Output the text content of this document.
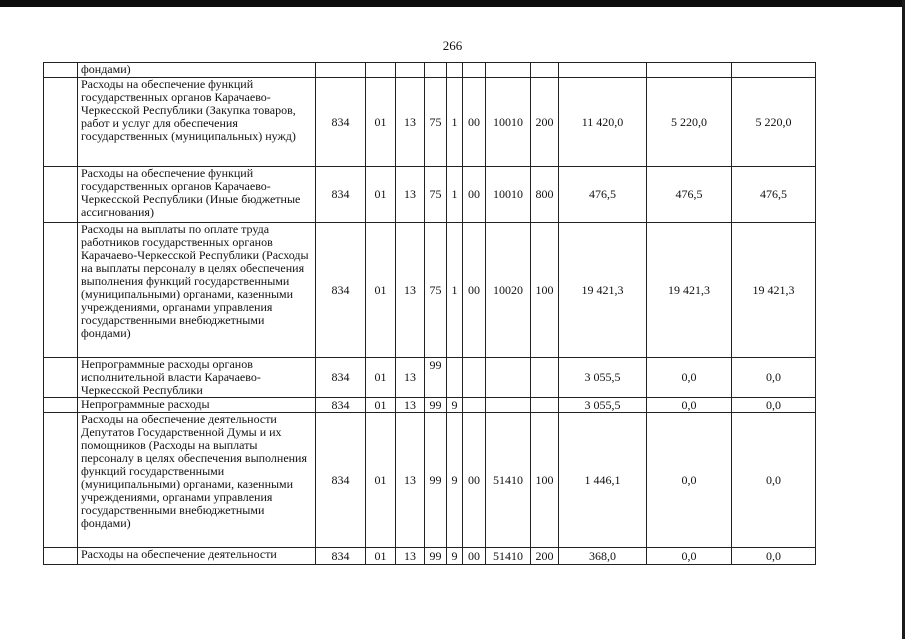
266
	фондами)											
	Расходы на обеспечение функций государственных органов Карачаево-Черкесской Республики (Закупка товаров, работ и услуг для обеспечения государственных (муниципальных) нужд)	834	01	13	75	1	00	10010	200	11 420,0	5 220,0	5 220,0
	Расходы на обеспечение функций государственных органов Карачаево-Черкесской Республики (Иные бюджетные ассигнования)	834	01	13	75	1	00	10010	800	476,5	476,5	476,5
	Расходы на выплаты по оплате труда работников государственных органов Карачаево-Черкесской Республики (Расходы на выплаты персоналу в целях обеспечения выполнения функций государственными (муниципальными) органами, казенными учреждениями, органами управления государственными внебюджетными фондами)	834	01	13	75	1	00	10020	100	19 421,3	19 421,3	19 421,3
	Непрограммные расходы органов исполнительной власти Карачаево-Черкесской Республики	834	01	13	99					3 055,5	0,0	0,0
	Непрограммные расходы	834	01	13	99	9				3 055,5	0,0	0,0
	Расходы на обеспечение деятельности Депутатов Государственной Думы и их помощников (Расходы на выплаты персоналу в целях обеспечения выполнения функций государственными (муниципальными) органами, казенными учреждениями, органами управления государственными внебюджетными фондами)	834	01	13	99	9	00	51410	100	1 446,1	0,0	0,0
	Расходы на обеспечение деятельности	834	01	13	99	9	00	51410	200	368,0	0,0	0,0
